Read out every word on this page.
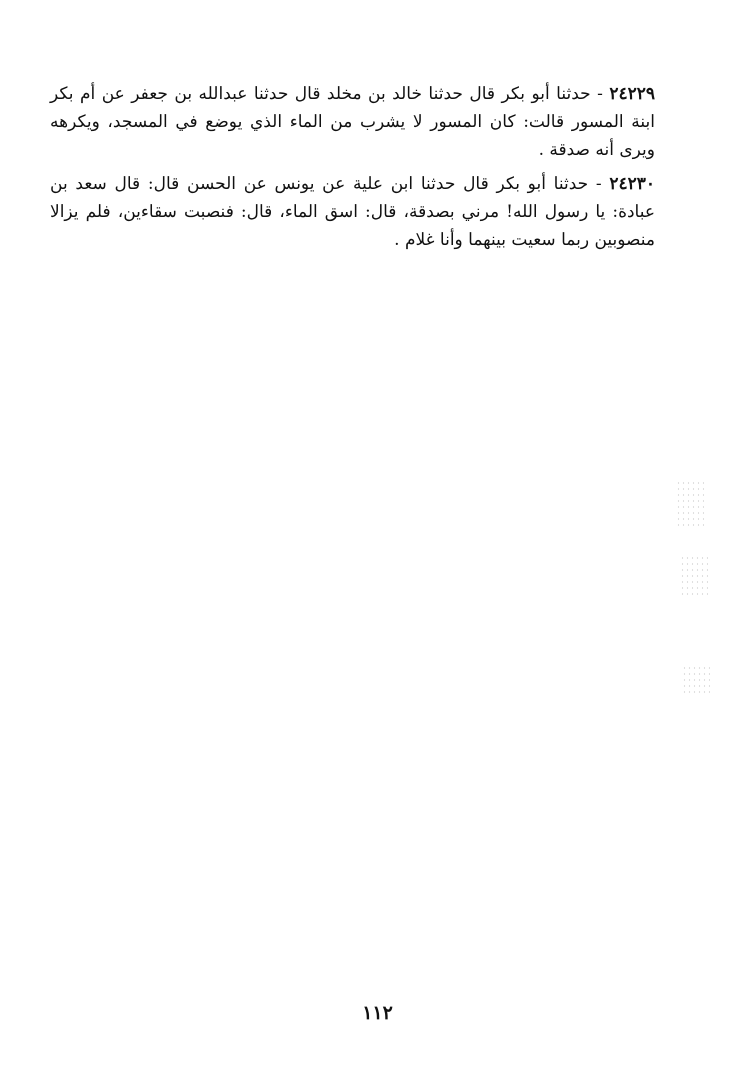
٢٤٢٢٩ - حدثنا أبو بكر قال حدثنا خالد بن مخلد قال حدثنا عبدالله بن جعفر عن أم بكر ابنة المسور قالت: كان المسور لا يشرب من الماء الذي يوضع في المسجد، ويكرهه ويرى أنه صدقة .

٢٤٢٣٠ - حدثنا أبو بكر قال حدثنا ابن علية عن يونس عن الحسن قال: قال سعد بن عبادة: يا رسول الله! مرني بصدقة، قال: اسق الماء، قال: فنصبت سقاءين، فلم يزالا منصوبين ربما سعيت بينهما وأنا غلام .

١١٢
